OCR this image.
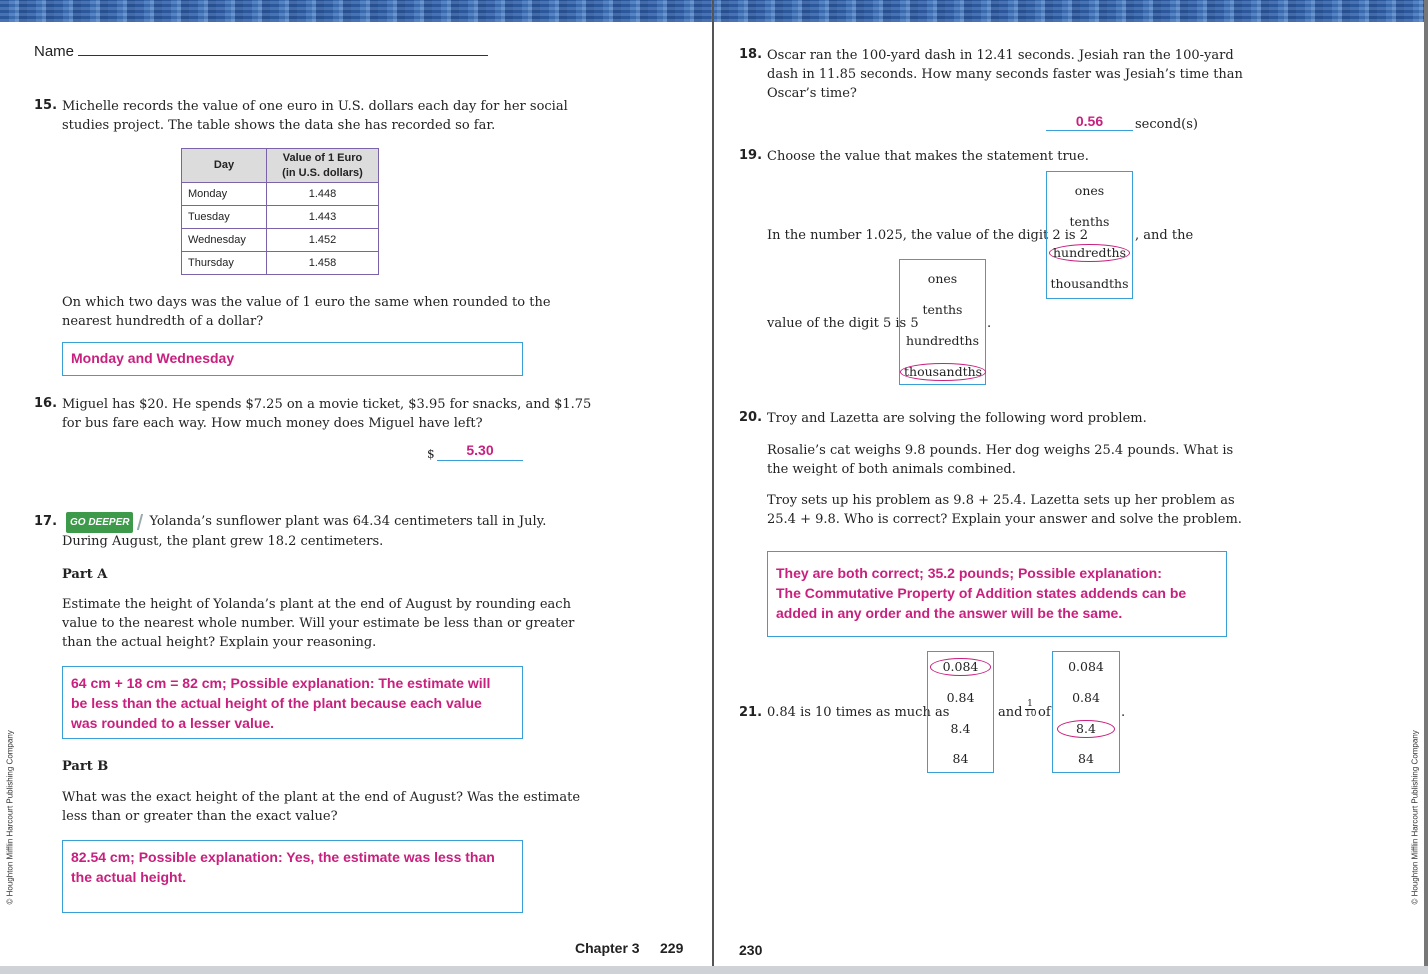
Name
15. Michelle records the value of one euro in U.S. dollars each day for her social
studies project. The table shows the data she has recorded so far.
Day	Value of 1 Euro
(in U.S. dollars)
Monday	1.448
Tuesday	1.443
Wednesday	1.452
Thursday	1.458
On which two days was the value of 1 euro the same when rounded to the
nearest hundredth of a dollar?
Monday and Wednesday
16. Miguel has $20. He spends $7.25 on a movie ticket, $3.95 for snacks, and $1.75
for bus fare each way. How much money does Miguel have left?
$	5.30
17.	GO DEEPER Yolanda’s sunflower plant was 64.34 centimeters tall in July.
During August, the plant grew 18.2 centimeters.
Part A
Estimate the height of Yolanda’s plant at the end of August by rounding each
value to the nearest whole number. Will your estimate be less than or greater
than the actual height? Explain your reasoning.
64 cm + 18 cm = 82 cm; Possible explanation: The estimate will
be less than the actual height of the plant because each value
was rounded to a lesser value.
Part B
What was the exact height of the plant at the end of August? Was the estimate
less than or greater than the exact value?
82.54 cm; Possible explanation: Yes, the estimate was less than
the actual height.
Chapter 3 229
© Houghton Mifflin Harcourt Publishing Company	© Houghton Mifflin Harcourt Publishing Company
18. Oscar ran the 100-yard dash in 12.41 seconds. Jesiah ran the 100-yard
dash in 11.85 seconds. How many seconds faster was Jesiah’s time than
Oscar’s time?
0.56	second(s)
19. Choose the value that makes the statement true.
In the number 1.025, the value of the digit 2 is 2
ones
tenths
hundredths
thousandths
, and the
value of the digit 5 is 5
ones
tenths
hundredths
thousandths
.
20. Troy and Lazetta are solving the following word problem.
Rosalie’s cat weighs 9.8 pounds. Her dog weighs 25.4 pounds. What is
the weight of both animals combined.
Troy sets up his problem as 9.8 + 25.4. Lazetta sets up her problem as
25.4 + 9.8. Who is correct? Explain your answer and solve the problem.
They are both correct; 35.2 pounds; Possible explanation:
The Commutative Property of Addition states addends can be
added in any order and the answer will be the same.
21. 0.84 is 10 times as much as
0.084
0.84
8.4
84
and $\frac{1}{10}$ of
0.084
0.84
8.4
84
.
230
